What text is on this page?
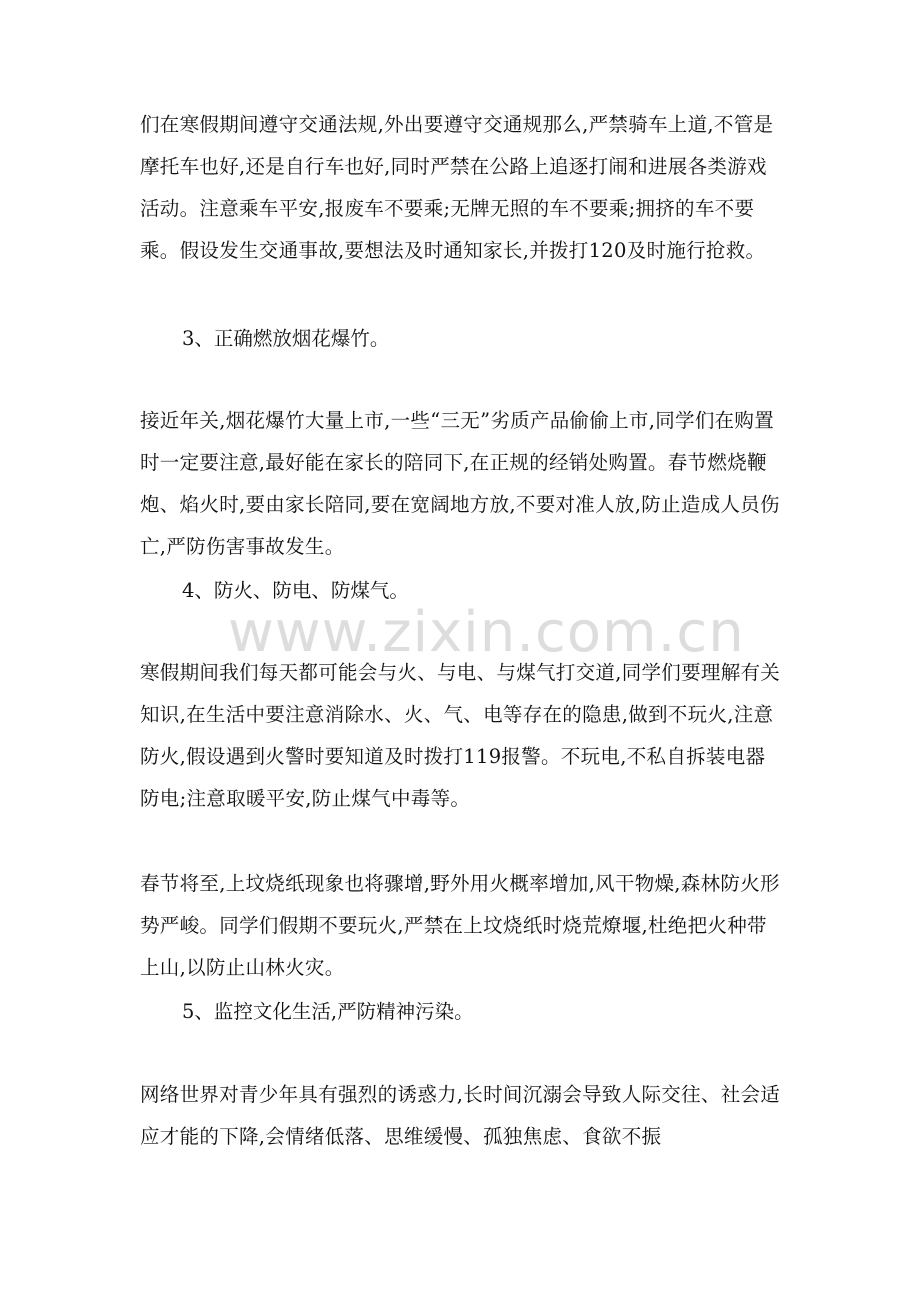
们在寒假期间遵守交通法规,外出要遵守交通规那么,严禁骑车上道,不管是摩托车也好,还是自行车也好,同时严禁在公路上追逐打闹和进展各类游戏活动。注意乘车平安,报废车不要乘;无牌无照的车不要乘;拥挤的车不要乘。假设发生交通事故,要想法及时通知家长,并拨打120及时施行抢救。

3、正确燃放烟花爆竹。

接近年关,烟花爆竹大量上市,一些“三无”劣质产品偷偷上市,同学们在购置时一定要注意,最好能在家长的陪同下,在正规的经销处购置。春节燃烧鞭炮、焰火时,要由家长陪同,要在宽阔地方放,不要对准人放,防止造成人员伤亡,严防伤害事故发生。

4、防火、防电、防煤气。

www.zixin.com.cn

寒假期间我们每天都可能会与火、与电、与煤气打交道,同学们要理解有关知识,在生活中要注意消除水、火、气、电等存在的隐患,做到不玩火,注意防火,假设遇到火警时要知道及时拨打119报警。不玩电,不私自拆装电器防电;注意取暖平安,防止煤气中毒等。

春节将至,上坟烧纸现象也将骤增,野外用火概率增加,风干物燥,森林防火形势严峻。同学们假期不要玩火,严禁在上坟烧纸时烧荒燎堰,杜绝把火种带上山,以防止山林火灾。

5、监控文化生活,严防精神污染。

网络世界对青少年具有强烈的诱惑力,长时间沉溺会导致人际交往、社会适应才能的下降,会情绪低落、思维缓慢、孤独焦虑、食欲不振
